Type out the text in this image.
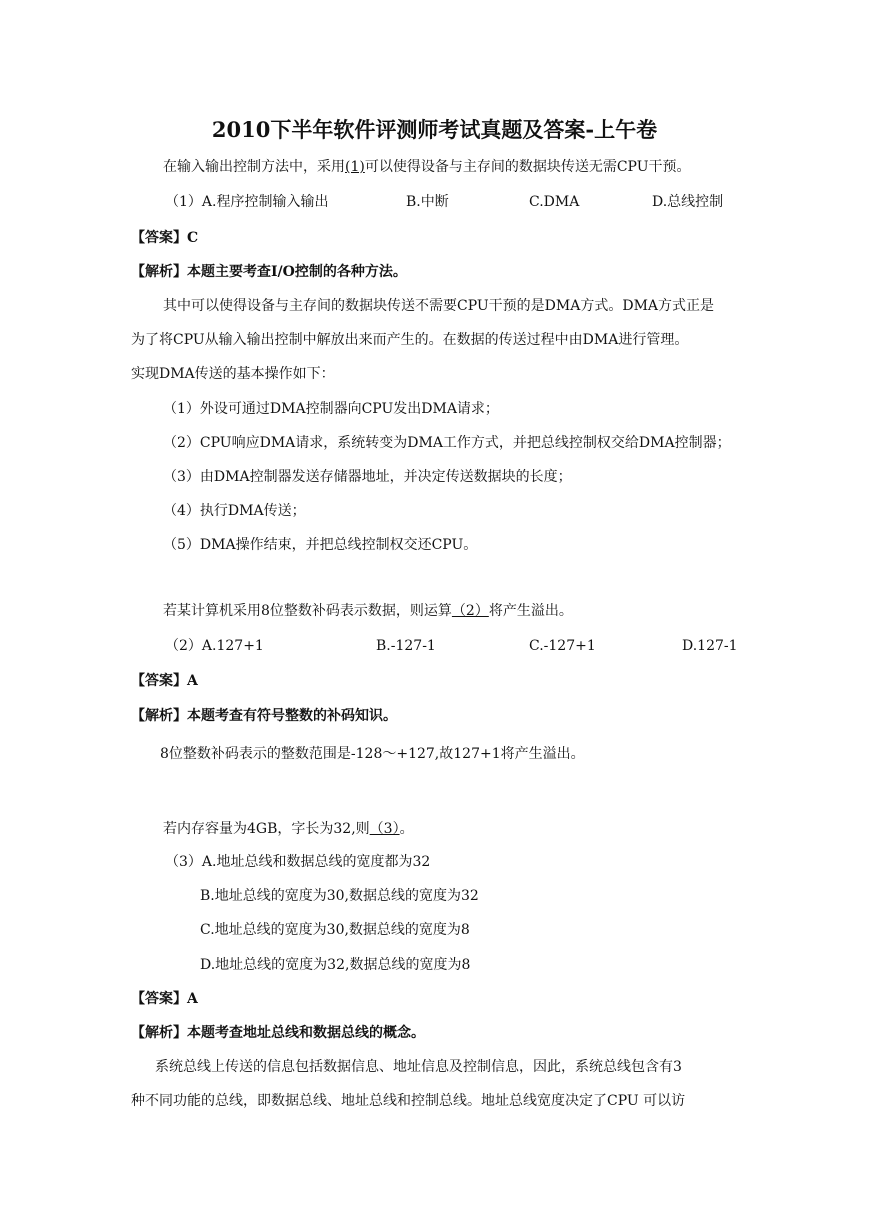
2010下半年软件评测师考试真题及答案-上午卷
在输入输出控制方法中，采用(1)可以使得设备与主存间的数据块传送无需CPU干预。
（1）A.程序控制输入输出	B.中断	C.DMA	D.总线控制
【答案】C
【解析】本题主要考查I/O控制的各种方法。
其中可以使得设备与主存间的数据块传送不需要CPU干预的是DMA方式。DMA方式正是
为了将CPU从输入输出控制中解放出来而产生的。在数据的传送过程中由DMA进行管理。
实现DMA传送的基本操作如下：
（1）外设可通过DMA控制器向CPU发出DMA请求；
（2）CPU响应DMA请求，系统转变为DMA工作方式，并把总线控制权交给DMA控制器；
（3）由DMA控制器发送存储器地址，并决定传送数据块的长度；
（4）执行DMA传送；
（5）DMA操作结束，并把总线控制权交还CPU。
若某计算机采用8位整数补码表示数据，则运算（2）将产生溢出。
（2）A.127+1	B.-127-1	C.-127+1	D.127-1
【答案】A
【解析】本题考查有符号整数的补码知识。
8位整数补码表示的整数范围是-128～+127,故127+1将产生溢出。
若内存容量为4GB，字长为32,则（3）。
（3）A.地址总线和数据总线的宽度都为32
B.地址总线的宽度为30,数据总线的宽度为32
C.地址总线的宽度为30,数据总线的宽度为8
D.地址总线的宽度为32,数据总线的宽度为8
【答案】A
【解析】本题考查地址总线和数据总线的概念。
系统总线上传送的信息包括数据信息、地址信息及控制信息，因此，系统总线包含有3
种不同功能的总线，即数据总线、地址总线和控制总线。地址总线宽度决定了CPU 可以访
